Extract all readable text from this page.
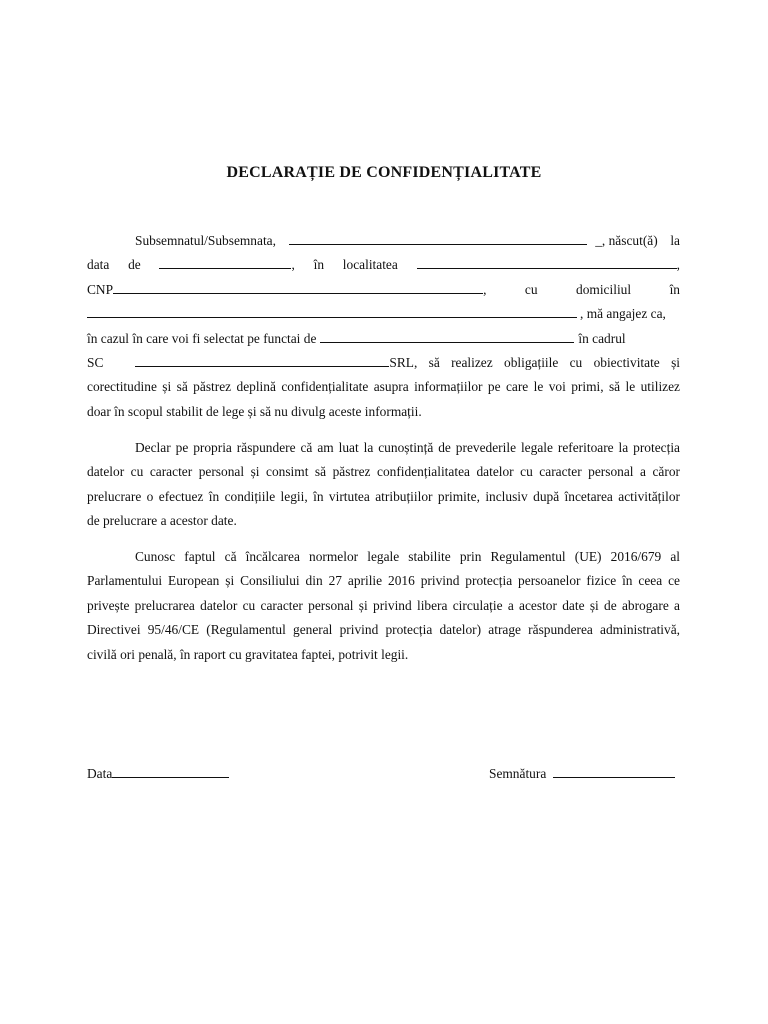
DECLARAȚIE DE CONFIDENȚIALITATE
Subsemnatul/Subsemnata,	_, născut(ă) la
data de	, în localitatea	,
CNP	,	cu	domiciliul	în
, mă angajez ca,
în cazul în care voi fi selectat pe functai de	în cadrul
SC	SRL, să realizez obligațiile cu obiectivitate și
corectitudine și să păstrez deplină confidențialitate asupra informațiilor pe care le voi primi, să le utilizez
doar în scopul stabilit de lege și să nu divulg aceste informații.
Declar pe propria răspundere că am luat la cunoștință de prevederile legale referitoare la protecția
datelor cu caracter personal și consimt să păstrez confidențialitatea datelor cu caracter personal a căror
prelucrare o efectuez în condițiile legii, în virtutea atribuțiilor primite, inclusiv după încetarea activităților
de prelucrare a acestor date.
Cunosc faptul că încălcarea normelor legale stabilite prin Regulamentul (UE) 2016/679 al
Parlamentului European și Consiliului din 27 aprilie 2016 privind protecția persoanelor fizice în ceea ce
privește prelucrarea datelor cu caracter personal și privind libera circulație a acestor date și de abrogare a
Directivei 95/46/CE (Regulamentul general privind protecția datelor) atrage răspunderea administrativă,
civilă ori penală, în raport cu gravitatea faptei, potrivit legii.
Data	Semnătura
